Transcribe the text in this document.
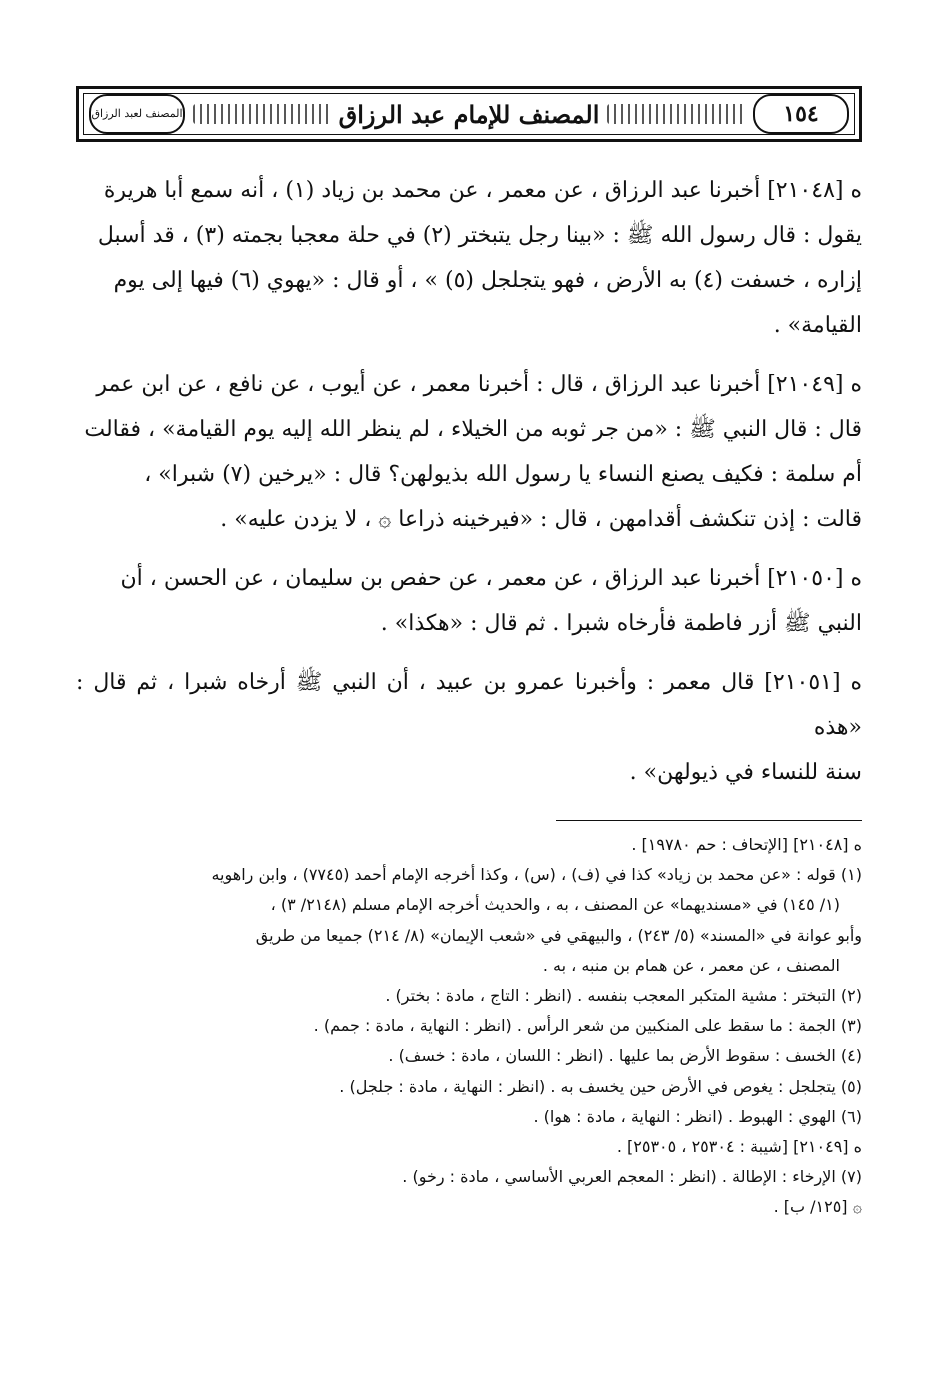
المصنف لعبد الرزاق	المصنف للإمام عبد الرزاق	١٥٤

ه [٢١٠٤٨] أخبرنا عبد الرزاق ، عن معمر ، عن محمد بن زياد (١) ، أنه سمع أبا هريرة

يقول : قال رسول الله ﷺ : «بينا رجل يتبختر (٢) في حلة معجبا بجمته (٣) ، قد أسبل

إزاره ، خسفت (٤) به الأرض ، فهو يتجلجل (٥) » ، أو قال : «يهوي (٦) فيها إلى يوم

القيامة» .

ه [٢١٠٤٩] أخبرنا عبد الرزاق ، قال : أخبرنا معمر ، عن أيوب ، عن نافع ، عن ابن عمر

قال : قال النبي ﷺ : «من جر ثوبه من الخيلاء ، لم ينظر الله إليه يوم القيامة» ، فقالت

أم سلمة : فكيف يصنع النساء يا رسول الله بذيولهن؟ قال : «يرخين (٧) شبرا» ،

قالت : إذن تنكشف أقدامهن ، قال : «فيرخينه ذراعا ۞ ، لا يزدن عليه» .

ه [٢١٠٥٠] أخبرنا عبد الرزاق ، عن معمر ، عن حفص بن سليمان ، عن الحسن ، أن

النبي ﷺ أزر فاطمة فأرخاه شبرا . ثم قال : «هكذا» .

ه [٢١٠٥١] قال معمر : وأخبرنا عمرو بن عبيد ، أن النبي ﷺ أرخاه شبرا ، ثم قال : «هذه

سنة للنساء في ذيولهن» .

ه [٢١٠٤٨] [الإتحاف : حم ١٩٧٨٠] .

(١) قوله : «عن محمد بن زياد» كذا في (ف) ، (س) ، وكذا أخرجه الإمام أحمد (٧٧٤٥) ، وابن راهويه

(١/ ١٤٥) في «مسنديهما» عن المصنف ، به ، والحديث أخرجه الإمام مسلم (٢١٤٨/ ٣) ،

وأبو عوانة في «المسند» (٥/ ٢٤٣) ، والبيهقي في «شعب الإيمان» (٨/ ٢١٤) جميعا من طريق

المصنف ، عن معمر ، عن همام بن منبه ، به .

(٢) التبختر : مشية المتكبر المعجب بنفسه . (انظر : التاج ، مادة : بختر) .

(٣) الجمة : ما سقط على المنكبين من شعر الرأس . (انظر : النهاية ، مادة : جمم) .

(٤) الخسف : سقوط الأرض بما عليها . (انظر : اللسان ، مادة : خسف) .

(٥) يتجلجل : يغوص في الأرض حين يخسف به . (انظر : النهاية ، مادة : جلجل) .

(٦) الهوي : الهبوط . (انظر : النهاية ، مادة : هوا) .

ه [٢١٠٤٩] [شيبة : ٢٥٣٠٤ ، ٢٥٣٠٥] .

(٧) الإرخاء : الإطالة . (انظر : المعجم العربي الأساسي ، مادة : رخو) .

۞ [١٢٥/ ب] .
